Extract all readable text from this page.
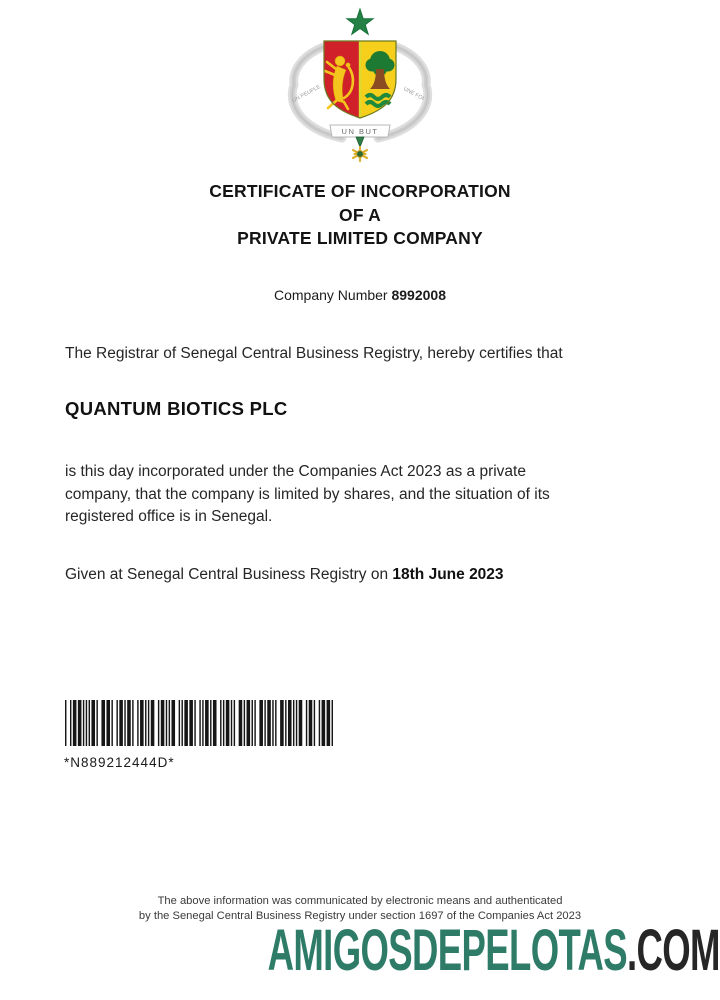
UN PEUPLE	UNE FOI
UN BUT
CERTIFICATE OF INCORPORATION
OF A
PRIVATE LIMITED COMPANY
Company Number 8992008
The Registrar of Senegal Central Business Registry, hereby certifies that
QUANTUM BIOTICS PLC
is this day incorporated under the Companies Act 2023 as a private
company, that the company is limited by shares, and the situation of its
registered office is in Senegal.
Given at Senegal Central Business Registry on 18th June 2023
*N889212444D*
The above information was communicated by electronic means and authenticated
by the Senegal Central Business Registry under section 1697 of the Companies Act 2023
AMIGOSDEPELOTAS.COM
